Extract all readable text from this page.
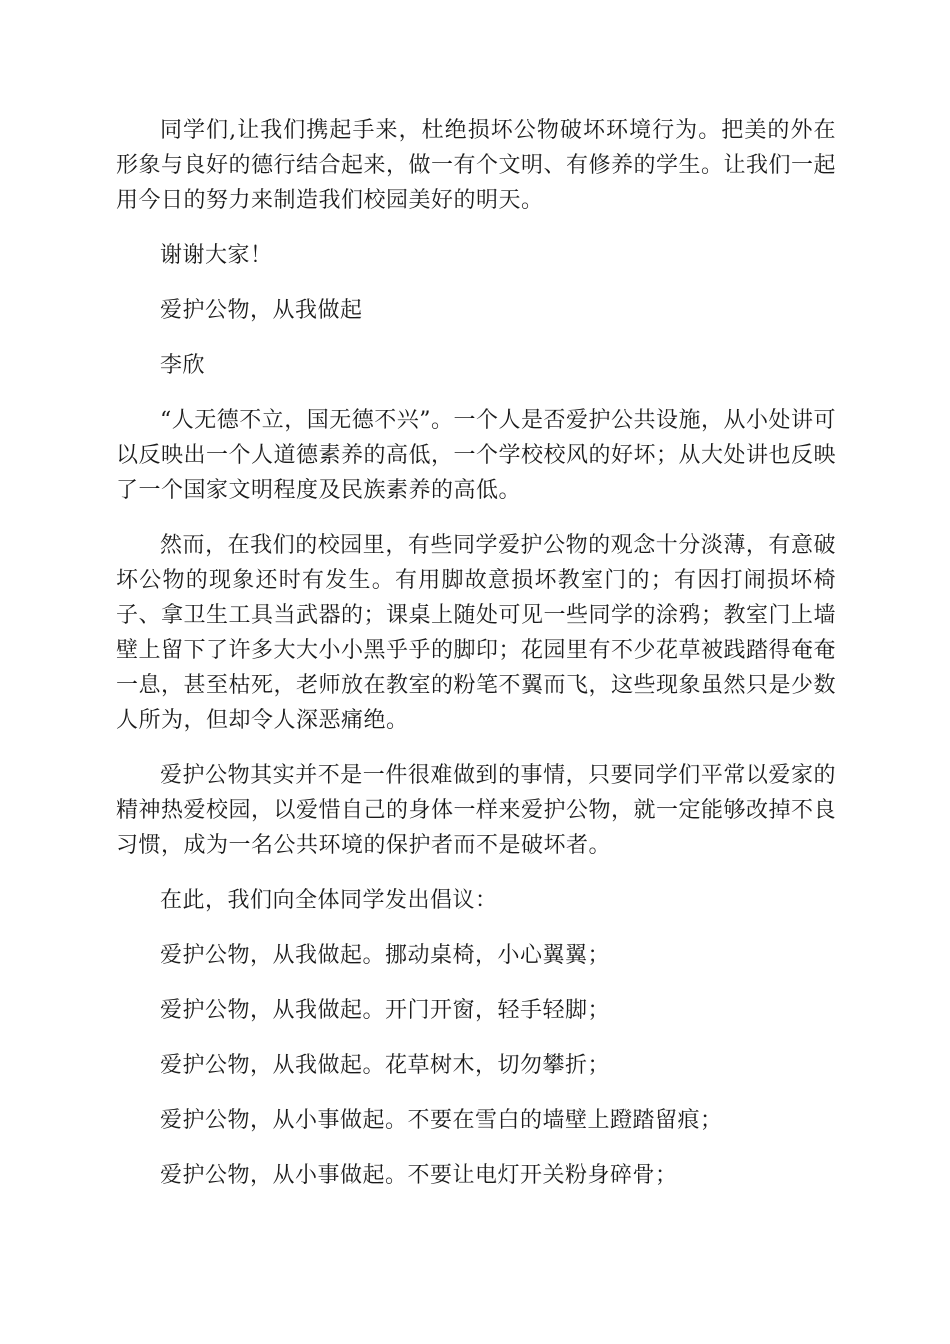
同学们,让我们携起手来，杜绝损坏公物破坏环境行为。把美的外在形象与良好的德行结合起来，做一有个文明、有修养的学生。让我们一起用今日的努力来制造我们校园美好的明天。

谢谢大家！

爱护公物，从我做起

李欣

“人无德不立，国无德不兴”。一个人是否爱护公共设施，从小处讲可以反映出一个人道德素养的高低，一个学校校风的好坏；从大处讲也反映了一个国家文明程度及民族素养的高低。

然而，在我们的校园里，有些同学爱护公物的观念十分淡薄，有意破坏公物的现象还时有发生。有用脚故意损坏教室门的；有因打闹损坏椅子、拿卫生工具当武器的；课桌上随处可见一些同学的涂鸦；教室门上墙壁上留下了许多大大小小黑乎乎的脚印；花园里有不少花草被践踏得奄奄一息，甚至枯死，老师放在教室的粉笔不翼而飞，这些现象虽然只是少数人所为，但却令人深恶痛绝。

爱护公物其实并不是一件很难做到的事情，只要同学们平常以爱家的精神热爱校园，以爱惜自己的身体一样来爱护公物，就一定能够改掉不良习惯，成为一名公共环境的保护者而不是破坏者。

在此，我们向全体同学发出倡议：

爱护公物，从我做起。挪动桌椅，小心翼翼；

爱护公物，从我做起。开门开窗，轻手轻脚；

爱护公物，从我做起。花草树木，切勿攀折；

爱护公物，从小事做起。不要在雪白的墙壁上蹬踏留痕；

爱护公物，从小事做起。不要让电灯开关粉身碎骨；
